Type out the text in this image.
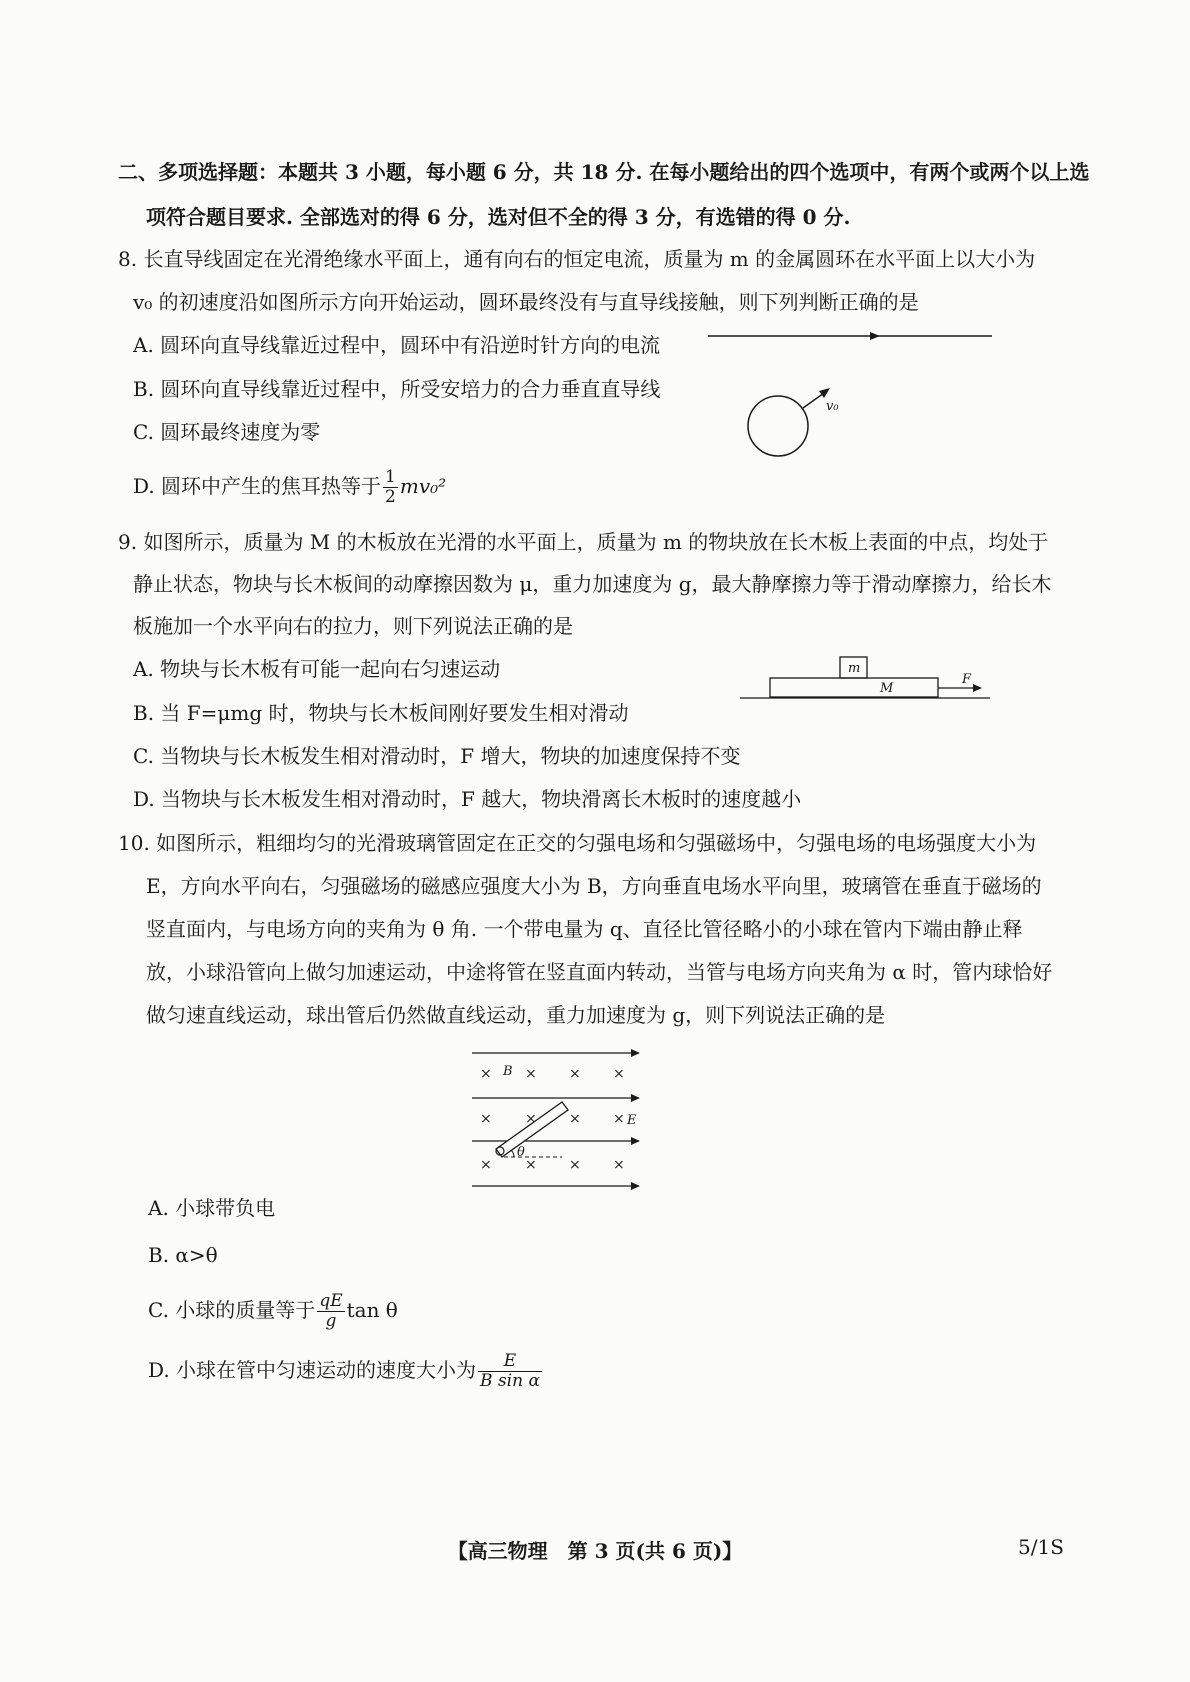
二、多项选择题：本题共 3 小题，每小题 6 分，共 18 分. 在每小题给出的四个选项中，有两个或两个以上选
项符合题目要求. 全部选对的得 6 分，选对但不全的得 3 分，有选错的得 0 分.
8. 长直导线固定在光滑绝缘水平面上，通有向右的恒定电流，质量为 m 的金属圆环在水平面上以大小为
v₀ 的初速度沿如图所示方向开始运动，圆环最终没有与直导线接触，则下列判断正确的是
A. 圆环向直导线靠近过程中，圆环中有沿逆时针方向的电流
B. 圆环向直导线靠近过程中，所受安培力的合力垂直直导线
C. 圆环最终速度为零
D. 圆环中产生的焦耳热等于 $\frac{1}{2} mv_0^2$
v₀
9. 如图所示，质量为 M 的木板放在光滑的水平面上，质量为 m 的物块放在长木板上表面的中点，均处于
静止状态，物块与长木板间的动摩擦因数为 μ，重力加速度为 g，最大静摩擦力等于滑动摩擦力，给长木
板施加一个水平向右的拉力，则下列说法正确的是
A. 物块与长木板有可能一起向右匀速运动
B. 当 F=μmg 时，物块与长木板间刚好要发生相对滑动
C. 当物块与长木板发生相对滑动时，F 增大，物块的加速度保持不变
D. 当物块与长木板发生相对滑动时，F 越大，物块滑离长木板时的速度越小
m
M
F
10. 如图所示，粗细均匀的光滑玻璃管固定在正交的匀强电场和匀强磁场中，匀强电场的电场强度大小为
E，方向水平向右，匀强磁场的磁感应强度大小为 B，方向垂直电场水平向里，玻璃管在垂直于磁场的
竖直面内，与电场方向的夹角为 θ 角. 一个带电量为 q、直径比管径略小的小球在管内下端由静止释
放，小球沿管向上做匀加速运动，中途将管在竖直面内转动，当管与电场方向夹角为 α 时，管内球恰好
做匀速直线运动，球出管后仍然做直线运动，重力加速度为 g，则下列说法正确的是
× B × × ×
× × × × E
× × × ×
θ
A. 小球带负电
B. α>θ
C. 小球的质量等于 $\frac{qE}{g}$ tan θ
D. 小球在管中匀速运动的速度大小为 $\frac{E}{\text{B sin α}}$
【高三物理　第 3 页(共 6 页)】	5/1S
